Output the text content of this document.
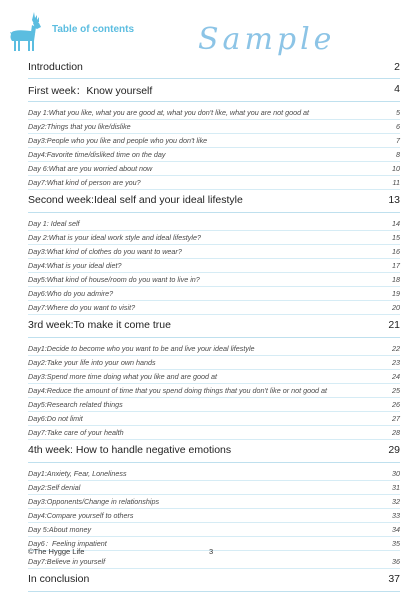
Table of contents Sample
Introduction	2
First week：Know yourself	4
Day 1:What you like, what you are good at, what you don't like, what you are not good at	5
Day2:Things that you like/dislike	6
Day3:People who you like and people who you don't like	7
Day4:Favorite time/disliked time on the day	8
Day 6:What are you worried about now	10
Day7:What kind of person are you?	11
Second week:Ideal self and your ideal lifestyle	13
Day 1: Ideal self	14
Day 2:What is your ideal work style and ideal lifestyle?	15
Day3:What kind of clothes do you want to wear?	16
Day4:What is your ideal diet?	17
Day5:What kind of house/room do you want to live in?	18
Day6:Who do you admire?	19
Day7:Where do you want to visit?	20
3rd week:To make it come true	21
Day1:Decide to become who you want to be and live your ideal lifestyle	22
Day2:Take your life into your own hands	23
Day3:Spend more time doing what you like and are good at	24
Day4:Reduce the amount of time that you spend doing things that you don't like or not good at	25
Day5:Research related things	26
Day6:Do not limit	27
Day7:Take care of your health	28
4th week: How to handle negative emotions	29
Day1:Anxiety, Fear, Loneliness	30
Day2:Self denial	31
Day3:Opponents/Change in relationships	32
Day4:Compare yourself to others	33
Day 5:About money	34
Day6：Feeling impatient	35
Day7:Believe in yourself	36
In conclusion	37
©The Hygge Life	3
